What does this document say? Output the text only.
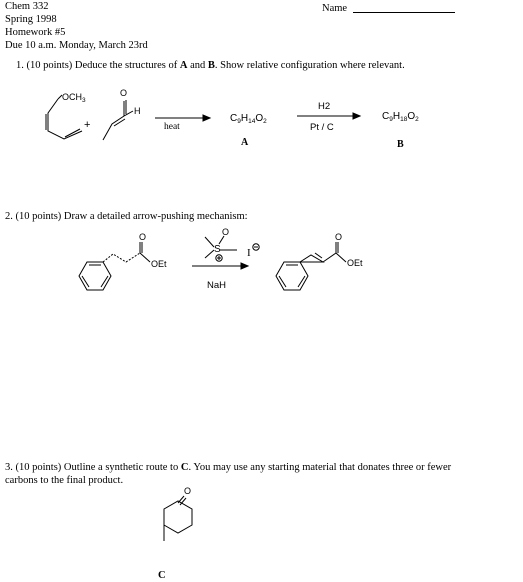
Chem 332
Spring 1998
Homework #5
Due 10 a.m. Monday, March 23rd
Name
1. (10 points) Deduce the structures of A and B. Show relative configuration where relevant.
$OCH_3$
+
O
H
heat
$C_9H_{14}O_2$
A
H2
Pt / C
$C_9H_{18}O_2$
B
O
OEt
S
O
I
NaH
O
OEt
O
2. (10 points) Draw a detailed arrow-pushing mechanism:
3. (10 points) Outline a synthetic route to C. You may use any starting material that donates three or fewer
carbons to the final product.
C
